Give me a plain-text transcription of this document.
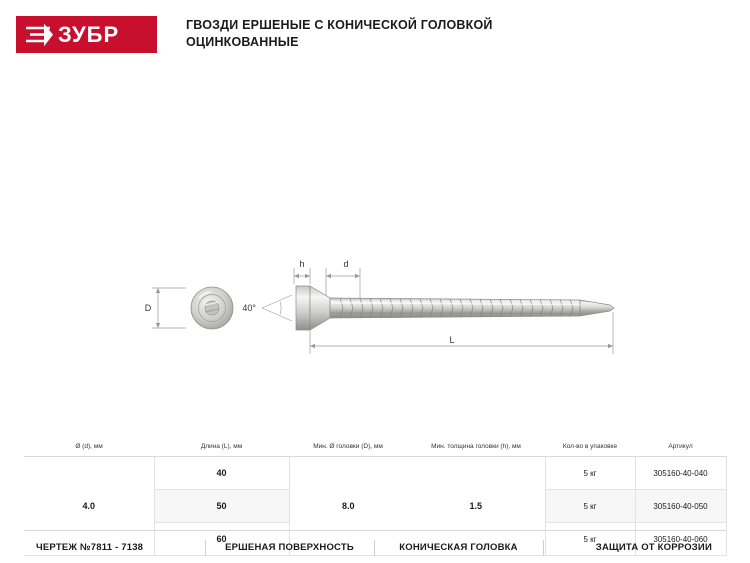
ЗУБР	ГВОЗДИ ЕРШЕНЫЕ С КОНИЧЕСКОЙ ГОЛОВКОЙ
ОЦИНКОВАННЫЕ
D
h	d
40°
L
Ø (d), мм	Длина (L), мм	Мин. Ø головки (D), мм	Мин. толщина головки (h), мм	Кол-во в упаковке	Артикул
4.0	40	8.0	1.5	5 кг	305160-40-040
	50			5 кг	305160-40-050
	60			5 кг	305160-40-060
ЧЕРТЕЖ №7811 - 7138	ЕРШЕНАЯ ПОВЕРХНОСТЬ	КОНИЧЕСКАЯ ГОЛОВКА	ЗАЩИТА ОТ КОРРОЗИИ
